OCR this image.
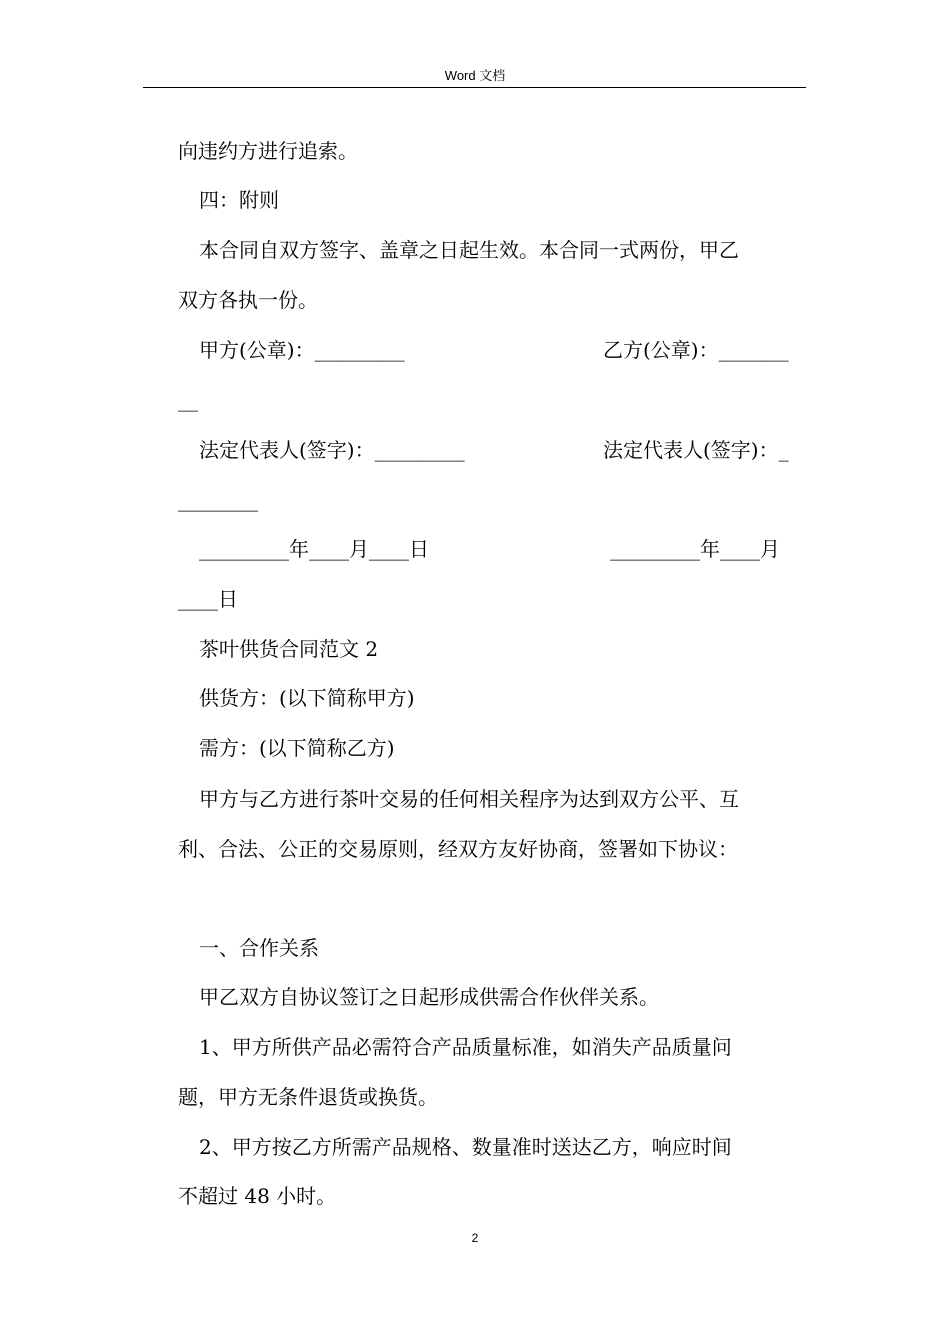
Word 文档
向违约方进行追索。
四：附则
本合同自双方签字、盖章之日起生效。本合同一式两份，甲乙
双方各执一份。
甲方(公章)：_________	乙方(公章)：_______
__
法定代表人(签字)：_________	法定代表人(签字)：_
________
_________年____月____日	_________年____月
____日
茶叶供货合同范文 2
供货方：(以下简称甲方)
需方：(以下简称乙方)
甲方与乙方进行茶叶交易的任何相关程序为达到双方公平、互
利、合法、公正的交易原则，经双方友好协商，签署如下协议：
一、合作关系
甲乙双方自协议签订之日起形成供需合作伙伴关系。
1、甲方所供产品必需符合产品质量标准，如消失产品质量问
题，甲方无条件退货或换货。
2、甲方按乙方所需产品规格、数量准时送达乙方，响应时间
不超过 48 小时。
2
